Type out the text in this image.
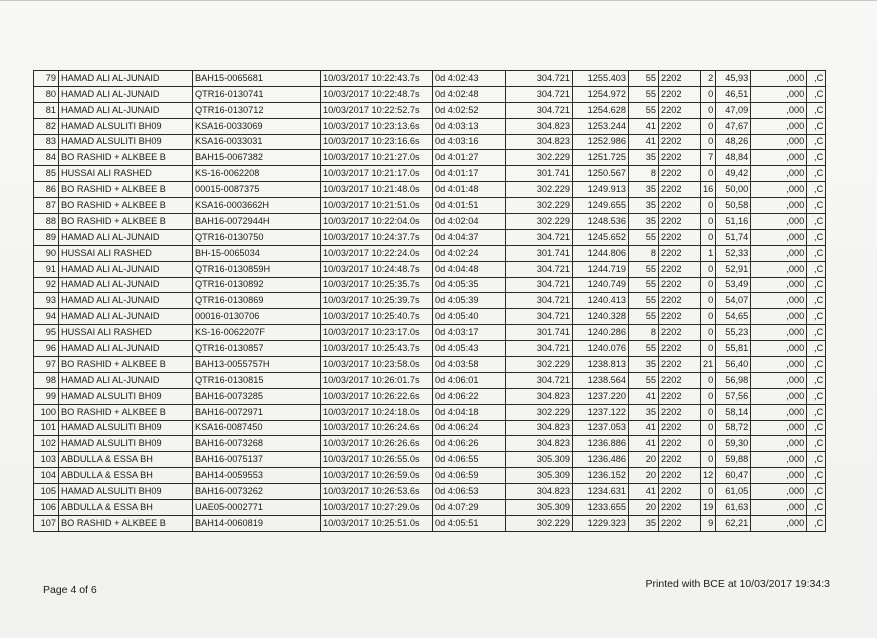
79	HAMAD ALI AL-JUNAID	BAH15-0065681	10/03/2017 10:22:43.7s	0d 4:02:43	304.721	1255.403	55	2202	2	45,93	,000	,C
80	HAMAD ALI AL-JUNAID	QTR16-0130741	10/03/2017 10:22:48.7s	0d 4:02:48	304.721	1254.972	55	2202	0	46,51	,000	,C
81	HAMAD ALI AL-JUNAID	QTR16-0130712	10/03/2017 10:22:52.7s	0d 4:02:52	304.721	1254.628	55	2202	0	47,09	,000	,C
82	HAMAD ALSULITI BH09	KSA16-0033069	10/03/2017 10:23:13.6s	0d 4:03:13	304.823	1253.244	41	2202	0	47,67	,000	,C
83	HAMAD ALSULITI BH09	KSA16-0033031	10/03/2017 10:23:16.6s	0d 4:03:16	304.823	1252.986	41	2202	0	48,26	,000	,C
84	BO RASHID + ALKBEE B	BAH15-0067382	10/03/2017 10:21:27.0s	0d 4:01:27	302.229	1251.725	35	2202	7	48,84	,000	,C
85	HUSSAI ALI RASHED	KS-16-0062208	10/03/2017 10:21:17.0s	0d 4:01:17	301.741	1250.567	8	2202	0	49,42	,000	,C
86	BO RASHID + ALKBEE B	00015-0087375	10/03/2017 10:21:48.0s	0d 4:01:48	302.229	1249.913	35	2202	16	50,00	,000	,C
87	BO RASHID + ALKBEE B	KSA16-0003662H	10/03/2017 10:21:51.0s	0d 4:01:51	302.229	1249.655	35	2202	0	50,58	,000	,C
88	BO RASHID + ALKBEE B	BAH16-0072944H	10/03/2017 10:22:04.0s	0d 4:02:04	302.229	1248.536	35	2202	0	51,16	,000	,C
89	HAMAD ALI AL-JUNAID	QTR16-0130750	10/03/2017 10:24:37.7s	0d 4:04:37	304.721	1245.652	55	2202	0	51,74	,000	,C
90	HUSSAI ALI RASHED	BH-15-0065034	10/03/2017 10:22:24.0s	0d 4:02:24	301.741	1244.806	8	2202	1	52,33	,000	,C
91	HAMAD ALI AL-JUNAID	QTR16-0130859H	10/03/2017 10:24:48.7s	0d 4:04:48	304.721	1244.719	55	2202	0	52,91	,000	,C
92	HAMAD ALI AL-JUNAID	QTR16-0130892	10/03/2017 10:25:35.7s	0d 4:05:35	304.721	1240.749	55	2202	0	53,49	,000	,C
93	HAMAD ALI AL-JUNAID	QTR16-0130869	10/03/2017 10:25:39.7s	0d 4:05:39	304.721	1240.413	55	2202	0	54,07	,000	,C
94	HAMAD ALI AL-JUNAID	00016-0130706	10/03/2017 10:25:40.7s	0d 4:05:40	304.721	1240.328	55	2202	0	54,65	,000	,C
95	HUSSAI ALI RASHED	KS-16-0062207F	10/03/2017 10:23:17.0s	0d 4:03:17	301.741	1240.286	8	2202	0	55,23	,000	,C
96	HAMAD ALI AL-JUNAID	QTR16-0130857	10/03/2017 10:25:43.7s	0d 4:05:43	304.721	1240.076	55	2202	0	55,81	,000	,C
97	BO RASHID + ALKBEE B	BAH13-0055757H	10/03/2017 10:23:58.0s	0d 4:03:58	302.229	1238.813	35	2202	21	56,40	,000	,C
98	HAMAD ALI AL-JUNAID	QTR16-0130815	10/03/2017 10:26:01.7s	0d 4:06:01	304.721	1238.564	55	2202	0	56,98	,000	,C
99	HAMAD ALSULITI BH09	BAH16-0073285	10/03/2017 10:26:22.6s	0d 4:06:22	304.823	1237.220	41	2202	0	57,56	,000	,C
100	BO RASHID + ALKBEE B	BAH16-0072971	10/03/2017 10:24:18.0s	0d 4:04:18	302.229	1237.122	35	2202	0	58,14	,000	,C
101	HAMAD ALSULITI BH09	KSA16-0087450	10/03/2017 10:26:24.6s	0d 4:06:24	304.823	1237.053	41	2202	0	58,72	,000	,C
102	HAMAD ALSULITI BH09	BAH16-0073268	10/03/2017 10:26:26.6s	0d 4:06:26	304.823	1236.886	41	2202	0	59,30	,000	,C
103	ABDULLA & ESSA BH	BAH16-0075137	10/03/2017 10:26:55.0s	0d 4:06:55	305.309	1236.486	20	2202	0	59,88	,000	,C
104	ABDULLA & ESSA BH	BAH14-0059553	10/03/2017 10:26:59.0s	0d 4:06:59	305.309	1236.152	20	2202	12	60,47	,000	,C
105	HAMAD ALSULITI BH09	BAH16-0073262	10/03/2017 10:26:53.6s	0d 4:06:53	304.823	1234.631	41	2202	0	61,05	,000	,C
106	ABDULLA & ESSA BH	UAE05-0002771	10/03/2017 10:27:29.0s	0d 4:07:29	305.309	1233.655	20	2202	19	61,63	,000	,C
107	BO RASHID + ALKBEE B	BAH14-0060819	10/03/2017 10:25:51.0s	0d 4:05:51	302.229	1229.323	35	2202	9	62,21	,000	,C
Page 4 of 6	Printed with BCE at 10/03/2017 19:34:3
